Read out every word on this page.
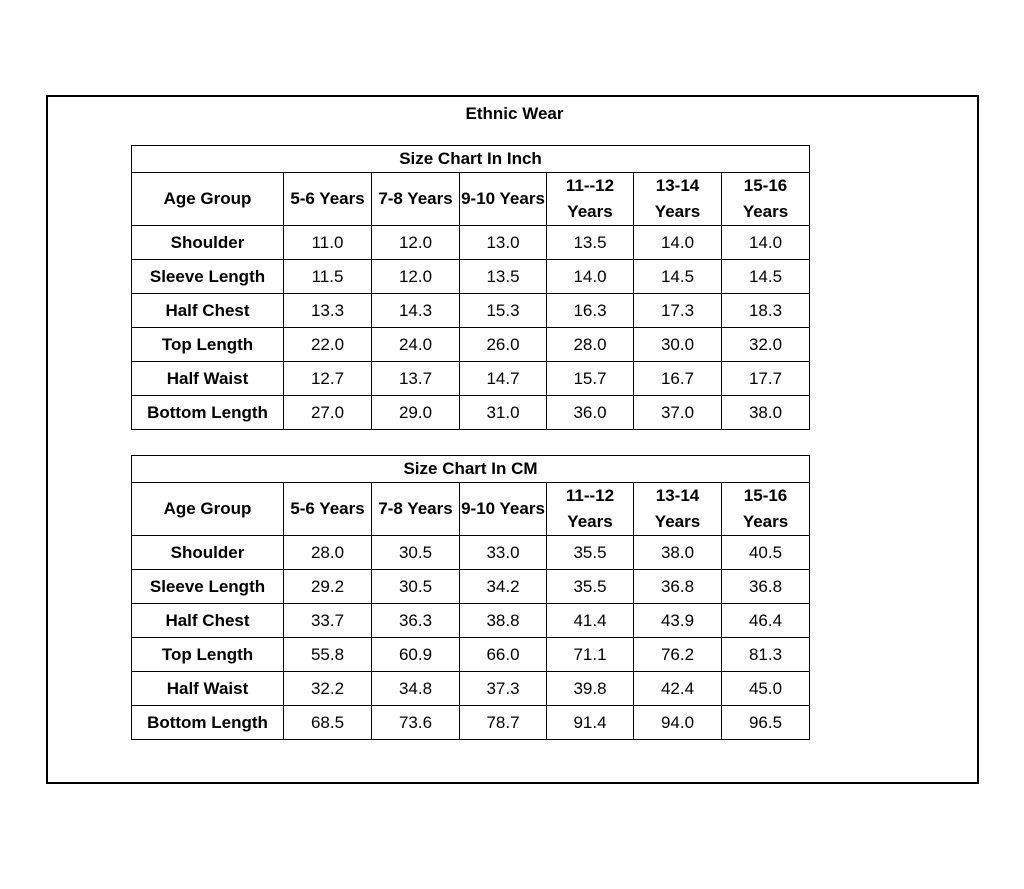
Ethnic Wear
Size Chart In Inch						
Age Group	5-6 Years	7-8 Years	9-10 Years	11--12 Years	13-14 Years	15-16 Years
Shoulder	11.0	12.0	13.0	13.5	14.0	14.0
Sleeve Length	11.5	12.0	13.5	14.0	14.5	14.5
Half Chest	13.3	14.3	15.3	16.3	17.3	18.3
Top Length	22.0	24.0	26.0	28.0	30.0	32.0
Half Waist	12.7	13.7	14.7	15.7	16.7	17.7
Bottom Length	27.0	29.0	31.0	36.0	37.0	38.0
Size Chart In CM						
Age Group	5-6 Years	7-8 Years	9-10 Years	11--12 Years	13-14 Years	15-16 Years
Shoulder	28.0	30.5	33.0	35.5	38.0	40.5
Sleeve Length	29.2	30.5	34.2	35.5	36.8	36.8
Half Chest	33.7	36.3	38.8	41.4	43.9	46.4
Top Length	55.8	60.9	66.0	71.1	76.2	81.3
Half Waist	32.2	34.8	37.3	39.8	42.4	45.0
Bottom Length	68.5	73.6	78.7	91.4	94.0	96.5
